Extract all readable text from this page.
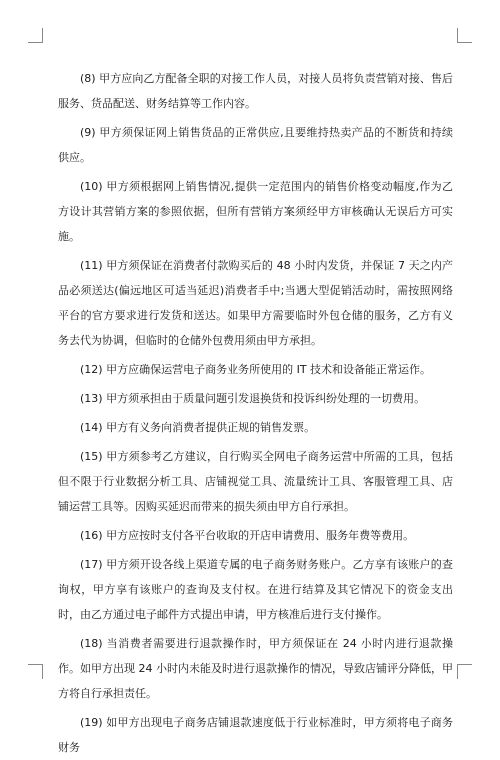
(8) 甲方应向乙方配备全职的对接工作人员，对接人员将负责营销对接、售后服务、货品配送、财务结算等工作内容。

(9) 甲方须保证网上销售货品的正常供应,且要维持热卖产品的不断货和持续供应。

(10) 甲方须根据网上销售情况,提供一定范围内的销售价格变动幅度,作为乙方设计其营销方案的参照依据，但所有营销方案须经甲方审核确认无误后方可实施。

(11) 甲方须保证在消费者付款购买后的 48 小时内发货，并保证 7 天之内产品必须送达(偏远地区可适当延迟)消费者手中;当遇大型促销活动时，需按照网络平台的官方要求进行发货和送达。如果甲方需要临时外包仓储的服务，乙方有义务去代为协调，但临时的仓储外包费用须由甲方承担。

(12) 甲方应确保运营电子商务业务所使用的 IT 技术和设备能正常运作。

(13) 甲方须承担由于质量问题引发退换货和投诉纠纷处理的一切费用。

(14) 甲方有义务向消费者提供正规的销售发票。

(15) 甲方须参考乙方建议，自行购买全网电子商务运营中所需的工具，包括但不限于行业数据分析工具、店铺视觉工具、流量统计工具、客服管理工具、店铺运营工具等。因购买延迟而带来的损失须由甲方自行承担。

(16) 甲方应按时支付各平台收取的开店申请费用、服务年费等费用。

(17) 甲方须开设各线上渠道专属的电子商务财务账户。乙方享有该账户的查询权，甲方享有该账户的查询及支付权。在进行结算及其它情况下的资金支出时，由乙方通过电子邮件方式提出申请，甲方核准后进行支付操作。

(18) 当消费者需要进行退款操作时，甲方须保证在 24 小时内进行退款操作。如甲方出现 24 小时内未能及时进行退款操作的情况，导致店铺评分降低，甲方将自行承担责任。

(19) 如甲方出现电子商务店铺退款速度低于行业标准时，甲方须将电子商务财务
